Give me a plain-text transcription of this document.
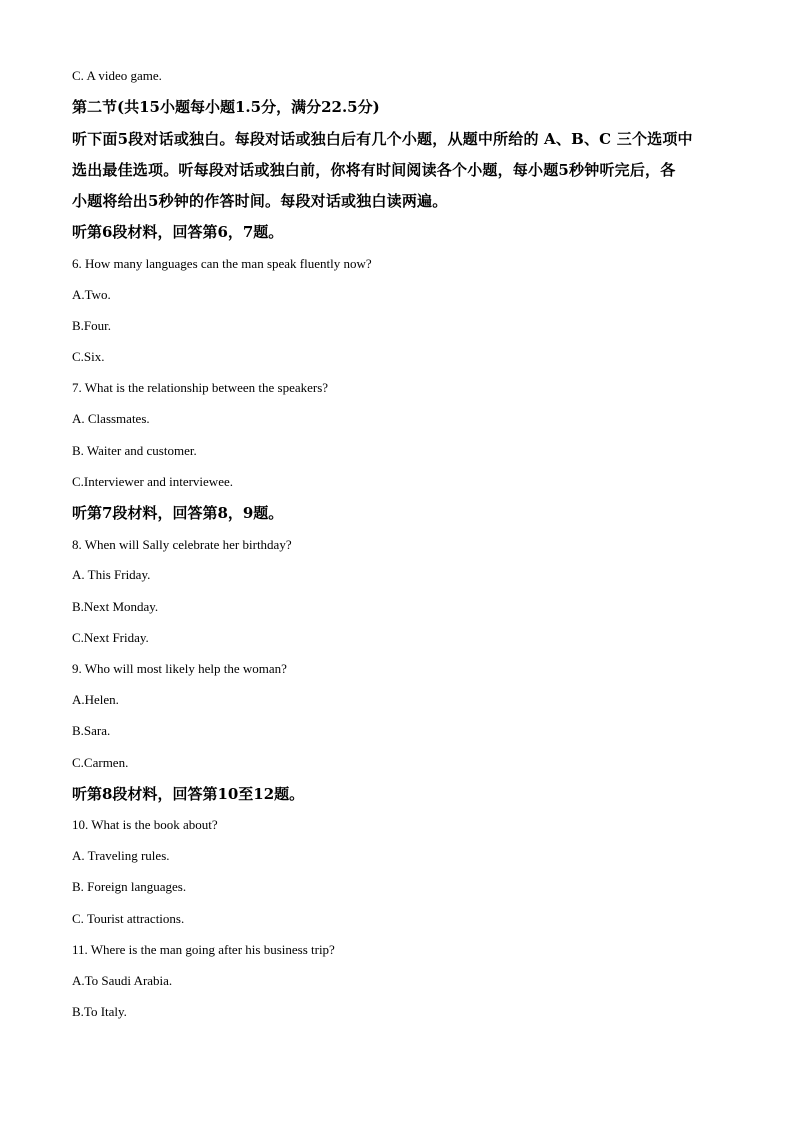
C. A video game.
第二节(共15小题每小题1.5分，满分22.5分)
听下面5段对话或独白。每段对话或独白后有几个小题，从题中所给的 A、B、C 三个选项中
选出最佳选项。听每段对话或独白前，你将有时间阅读各个小题，每小题5秒钟听完后，各
小题将给出5秒钟的作答时间。每段对话或独白读两遍。
听第6段材料，回答第6，7题。
6. How many languages can the man speak fluently now?
A.Two.
B.Four.
C.Six.
7. What is the relationship between the speakers?
A. Classmates.
B. Waiter and customer.
C.Interviewer and interviewee.
听第7段材料，回答第8，9题。
8. When will Sally celebrate her birthday?
A. This Friday.
B.Next Monday.
C.Next Friday.
9. Who will most likely help the woman?
A.Helen.
B.Sara.
C.Carmen.
听第8段材料，回答第10至12题。
10. What is the book about?
A. Traveling rules.
B. Foreign languages.
C. Tourist attractions.
11. Where is the man going after his business trip?
A.To Saudi Arabia.
B.To Italy.
